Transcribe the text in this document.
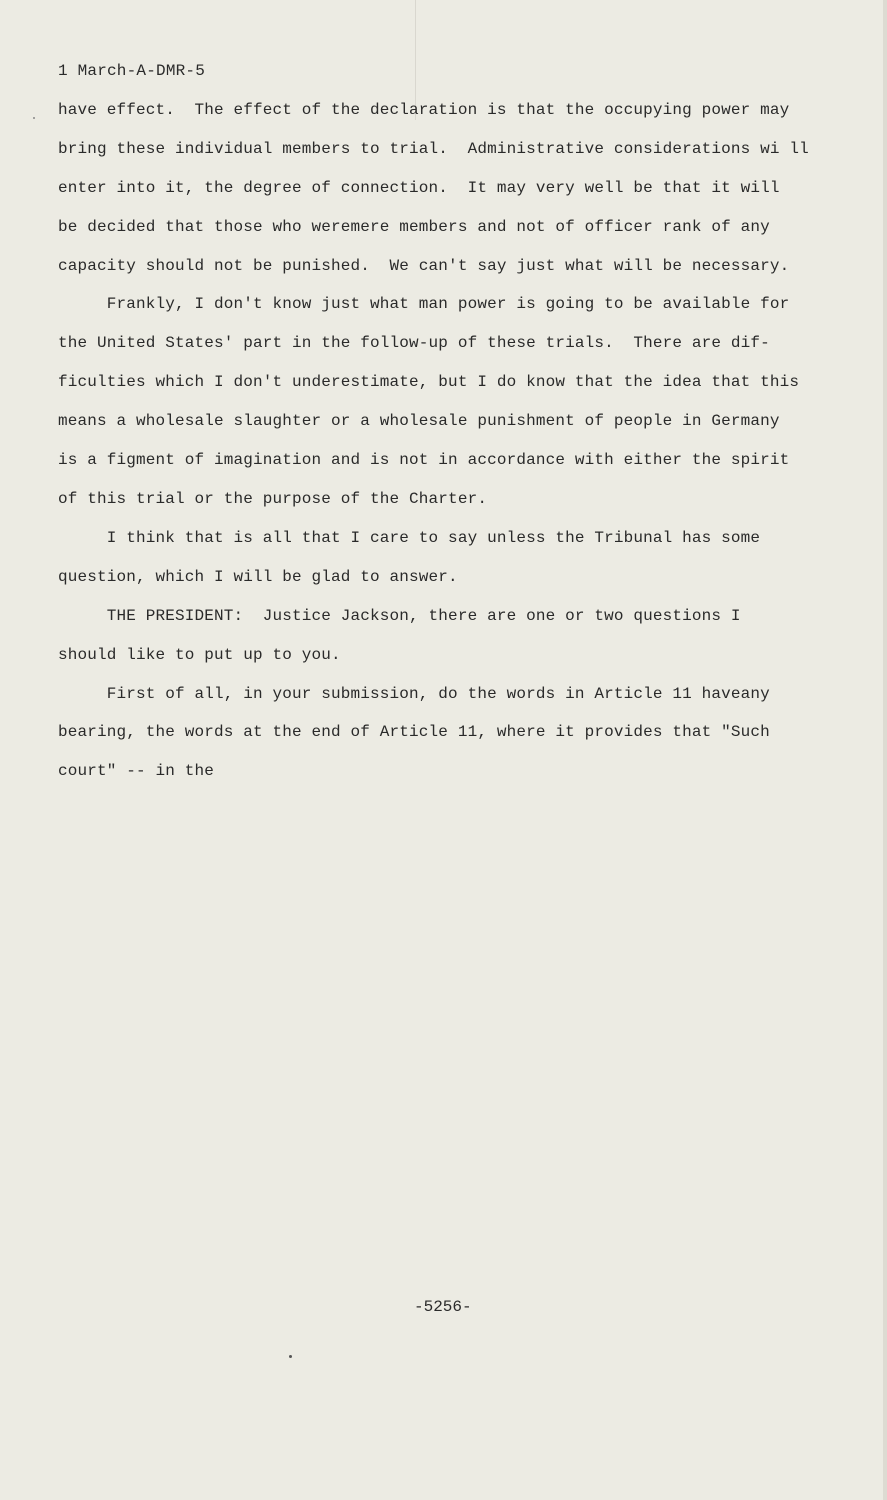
1 March-A-DMR-5
have effect.  The effect of the declaration is that the occupying power may
bring these individual members to trial.  Administrative considerations wi ll
enter into it, the degree of connection.  It may very well be that it will
be decided that those who weremere members and not of officer rank of any
capacity should not be punished.  We can't say just what will be necessary.
Frankly, I don't know just what man power is going to be available for
the United States' part in the follow-up of these trials.  There are dif-
ficulties which I don't underestimate, but I do know that the idea that this
means a wholesale slaughter or a wholesale punishment of people in Germany
is a figment of imagination and is not in accordance with either the spirit
of this trial or the purpose of the Charter.
I think that is all that I care to say unless the Tribunal has some
question, which I will be glad to answer.
THE PRESIDENT:  Justice Jackson, there are one or two questions I
should like to put up to you.
First of all, in your submission, do the words in Article 11 haveany
bearing, the words at the end of Article 11, where it provides that "Such
court" -- in the
-5256-
